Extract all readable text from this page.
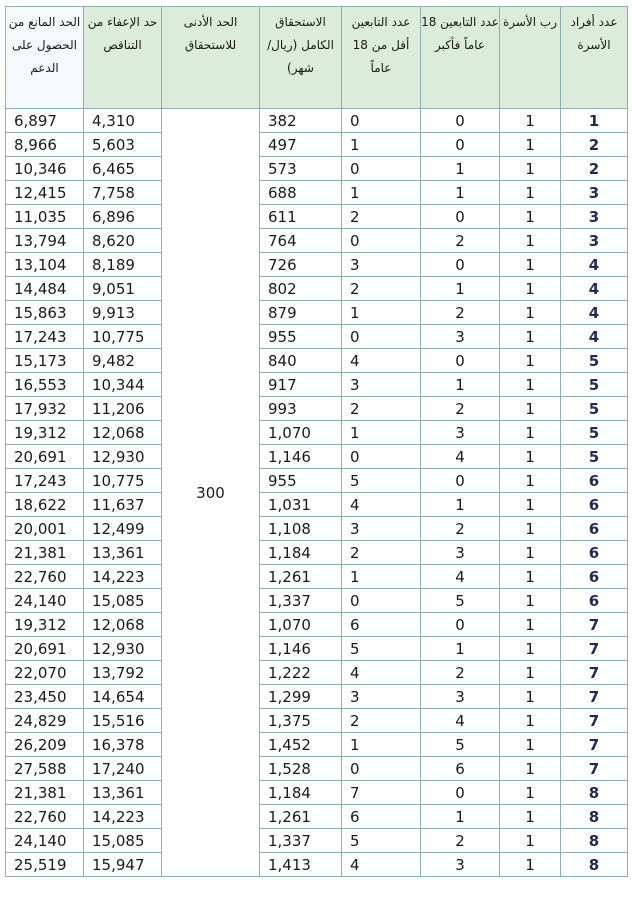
الحد المانع من الحصول على الدعم	حد الإعفاء من التناقص	الحد الأدنى للاستحقاق	الاستحقاق الكامل (ريال/شهر)	عدد التابعين أقل من 18 عاماً	عدد التابعين 18 عاماً فأكبر	رب الأسرة	عدد أفراد الأسرة
6,897	4,310	300	382	0	0	1	1
8,966	5,603		497	1	0	1	2
10,346	6,465		573	0	1	1	2
12,415	7,758		688	1	1	1	3
11,035	6,896		611	2	0	1	3
13,794	8,620		764	0	2	1	3
13,104	8,189		726	3	0	1	4
14,484	9,051		802	2	1	1	4
15,863	9,913		879	1	2	1	4
17,243	10,775		955	0	3	1	4
15,173	9,482		840	4	0	1	5
16,553	10,344		917	3	1	1	5
17,932	11,206		993	2	2	1	5
19,312	12,068		1,070	1	3	1	5
20,691	12,930		1,146	0	4	1	5
17,243	10,775		955	5	0	1	6
18,622	11,637		1,031	4	1	1	6
20,001	12,499		1,108	3	2	1	6
21,381	13,361		1,184	2	3	1	6
22,760	14,223		1,261	1	4	1	6
24,140	15,085		1,337	0	5	1	6
19,312	12,068		1,070	6	0	1	7
20,691	12,930		1,146	5	1	1	7
22,070	13,792		1,222	4	2	1	7
23,450	14,654		1,299	3	3	1	7
24,829	15,516		1,375	2	4	1	7
26,209	16,378		1,452	1	5	1	7
27,588	17,240		1,528	0	6	1	7
21,381	13,361		1,184	7	0	1	8
22,760	14,223		1,261	6	1	1	8
24,140	15,085		1,337	5	2	1	8
25,519	15,947		1,413	4	3	1	8
